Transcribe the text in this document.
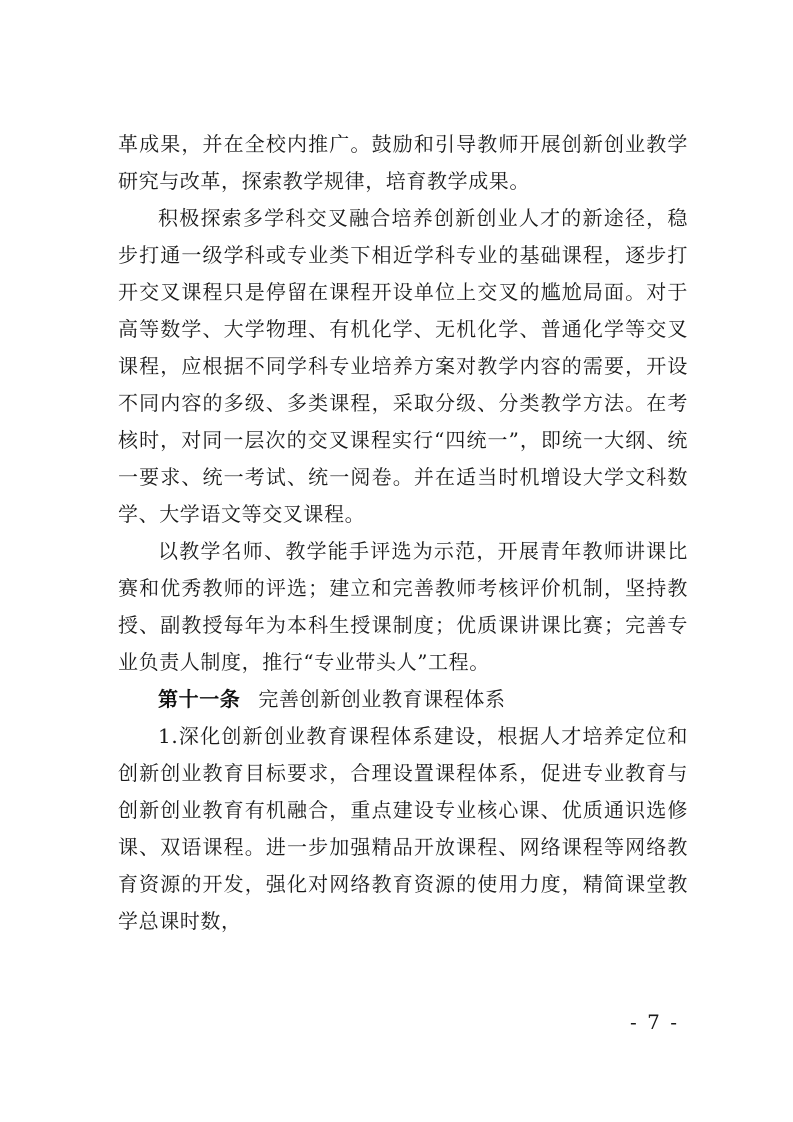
革成果，并在全校内推广。鼓励和引导教师开展创新创业教学研究与改革，探索教学规律，培育教学成果。

积极探索多学科交叉融合培养创新创业人才的新途径，稳步打通一级学科或专业类下相近学科专业的基础课程，逐步打开交叉课程只是停留在课程开设单位上交叉的尴尬局面。对于高等数学、大学物理、有机化学、无机化学、普通化学等交叉课程，应根据不同学科专业培养方案对教学内容的需要，开设不同内容的多级、多类课程，采取分级、分类教学方法。在考核时，对同一层次的交叉课程实行“四统一”，即统一大纲、统一要求、统一考试、统一阅卷。并在适当时机增设大学文科数学、大学语文等交叉课程。

以教学名师、教学能手评选为示范，开展青年教师讲课比赛和优秀教师的评选；建立和完善教师考核评价机制，坚持教授、副教授每年为本科生授课制度；优质课讲课比赛；完善专业负责人制度，推行“专业带头人”工程。

第十一条 完善创新创业教育课程体系

1.深化创新创业教育课程体系建设，根据人才培养定位和创新创业教育目标要求，合理设置课程体系，促进专业教育与创新创业教育有机融合，重点建设专业核心课、优质通识选修课、双语课程。进一步加强精品开放课程、网络课程等网络教育资源的开发，强化对网络教育资源的使用力度，精简课堂教学总课时数，

- 7 -
